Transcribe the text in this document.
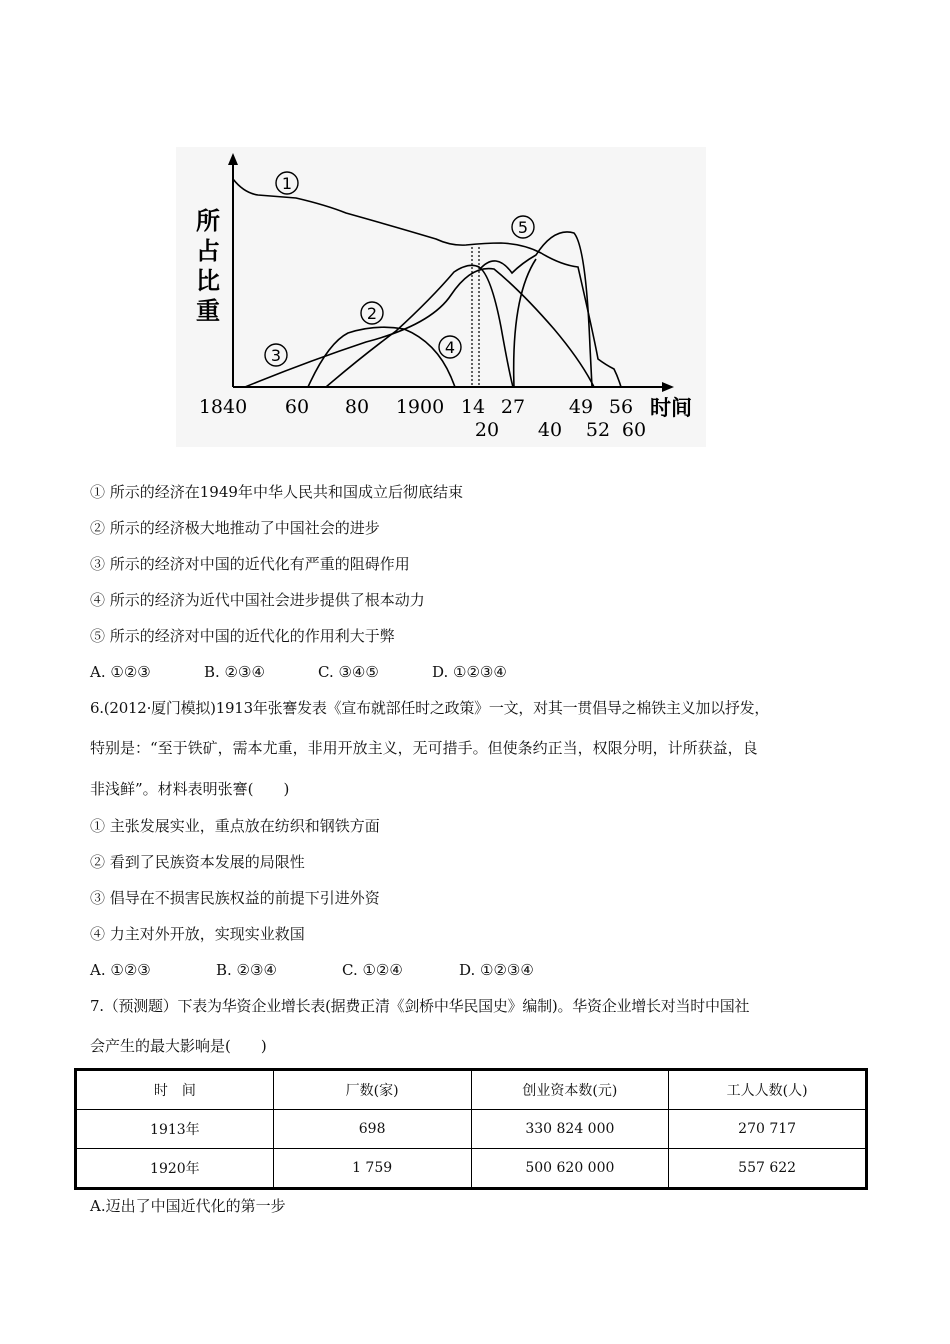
所
占
比
重
1
2
3	4
5
1840 60 80 1900 14 27 49 56 时间
20 40 52 60
① 所示的经济在1949年中华人民共和国成立后彻底结束
② 所示的经济极大地推动了中国社会的进步
③ 所示的经济对中国的近代化有严重的阻碍作用
④ 所示的经济为近代中国社会进步提供了根本动力
⑤ 所示的经济对中国的近代化的作用利大于弊
A. ①②③	B. ②③④	C. ③④⑤	D. ①②③④
6.(2012·厦门模拟)1913年张謇发表《宣布就部任时之政策》一文，对其一贯倡导之棉铁主义加以抒发，
特别是：“至于铁矿，需本尤重，非用开放主义，无可措手。但使条约正当，权限分明，计所获益，良
非浅鲜”。材料表明张謇(　　)
① 主张发展实业，重点放在纺织和钢铁方面
② 看到了民族资本发展的局限性
③ 倡导在不损害民族权益的前提下引进外资
④ 力主对外开放，实现实业救国
A. ①②③	B. ②③④	C. ①②④	D. ①②③④
7.（预测题）下表为华资企业增长表(据费正清《剑桥中华民国史》编制)。华资企业增长对当时中国社
会产生的最大影响是(　　)
时　间	厂数(家)	创业资本数(元)	工人人数(人)
1913年	698	330 824 000	270 717
1920年	1 759	500 620 000	557 622
A.迈出了中国近代化的第一步
